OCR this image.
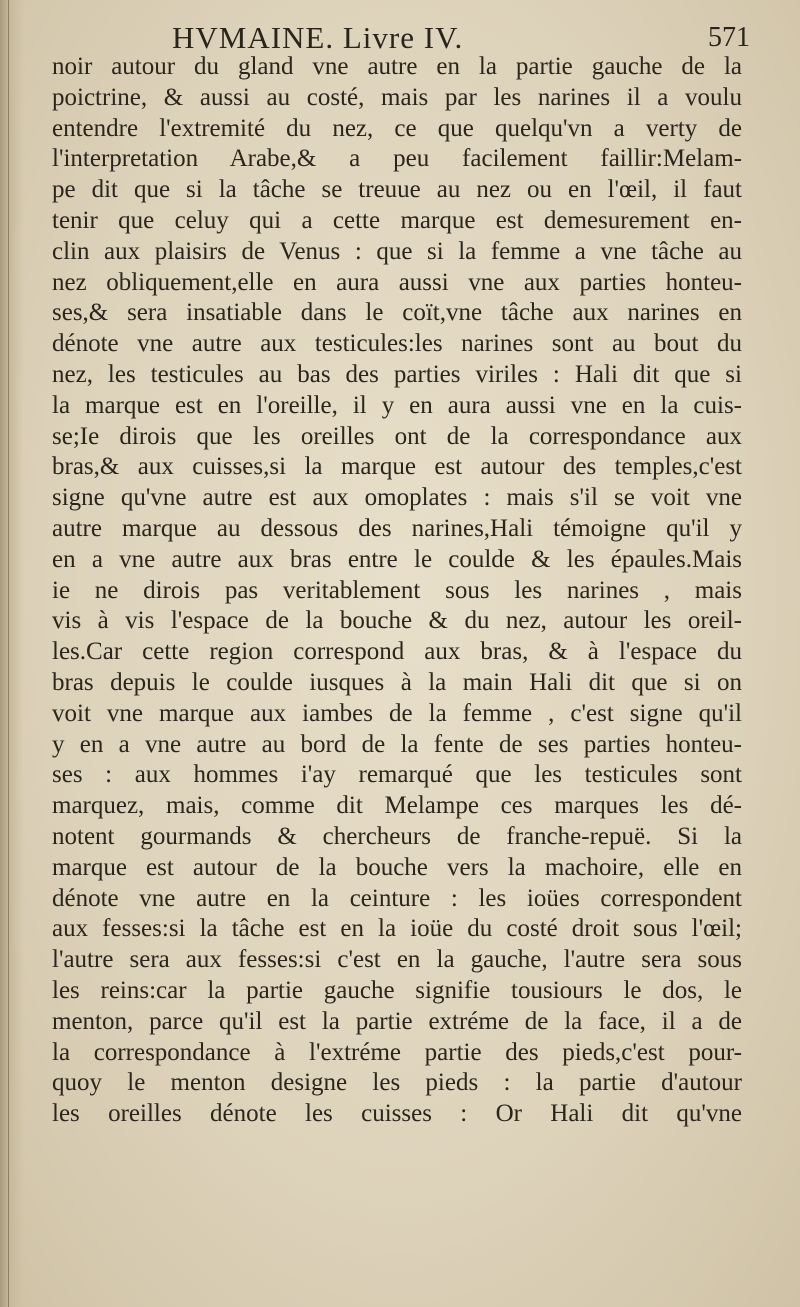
HVMAINE. Livre IV.	571
noir autour du gland vne autre en la partie gauche de la
poictrine, & aussi au costé, mais par les narines il a voulu
entendre l'extremité du nez, ce que quelqu'vn a verty de
l'interpretation Arabe,& a peu facilement faillir:Melam-
pe dit que si la tâche se treuue au nez ou en l'œil, il faut
tenir que celuy qui a cette marque est demesurement en-
clin aux plaisirs de Venus : que si la femme a vne tâche au
nez obliquement,elle en aura aussi vne aux parties honteu-
ses,& sera insatiable dans le coït,vne tâche aux narines en
dénote vne autre aux testicules:les narines sont au bout du
nez, les testicules au bas des parties viriles : Hali dit que si
la marque est en l'oreille, il y en aura aussi vne en la cuis-
se;Ie dirois que les oreilles ont de la correspondance aux
bras,& aux cuisses,si la marque est autour des temples,c'est
signe qu'vne autre est aux omoplates : mais s'il se voit vne
autre marque au dessous des narines,Hali témoigne qu'il y
en a vne autre aux bras entre le coulde & les épaules.Mais
ie ne dirois pas veritablement sous les narines , mais
vis à vis l'espace de la bouche & du nez, autour les oreil-
les.Car cette region correspond aux bras, & à l'espace du
bras depuis le coulde iusques à la main Hali dit que si on
voit vne marque aux iambes de la femme , c'est signe qu'il
y en a vne autre au bord de la fente de ses parties honteu-
ses : aux hommes i'ay remarqué que les testicules sont
marquez, mais, comme dit Melampe ces marques les dé-
notent gourmands & chercheurs de franche-repuë. Si la
marque est autour de la bouche vers la machoire, elle en
dénote vne autre en la ceinture : les ioües correspondent
aux fesses:si la tâche est en la ioüe du costé droit sous l'œil;
l'autre sera aux fesses:si c'est en la gauche, l'autre sera sous
les reins:car la partie gauche signifie tousiours le dos, le
menton, parce qu'il est la partie extréme de la face, il a de
la correspondance à l'extréme partie des pieds,c'est pour-
quoy le menton designe les pieds : la partie d'autour
les oreilles dénote les cuisses : Or Hali dit qu'vne
